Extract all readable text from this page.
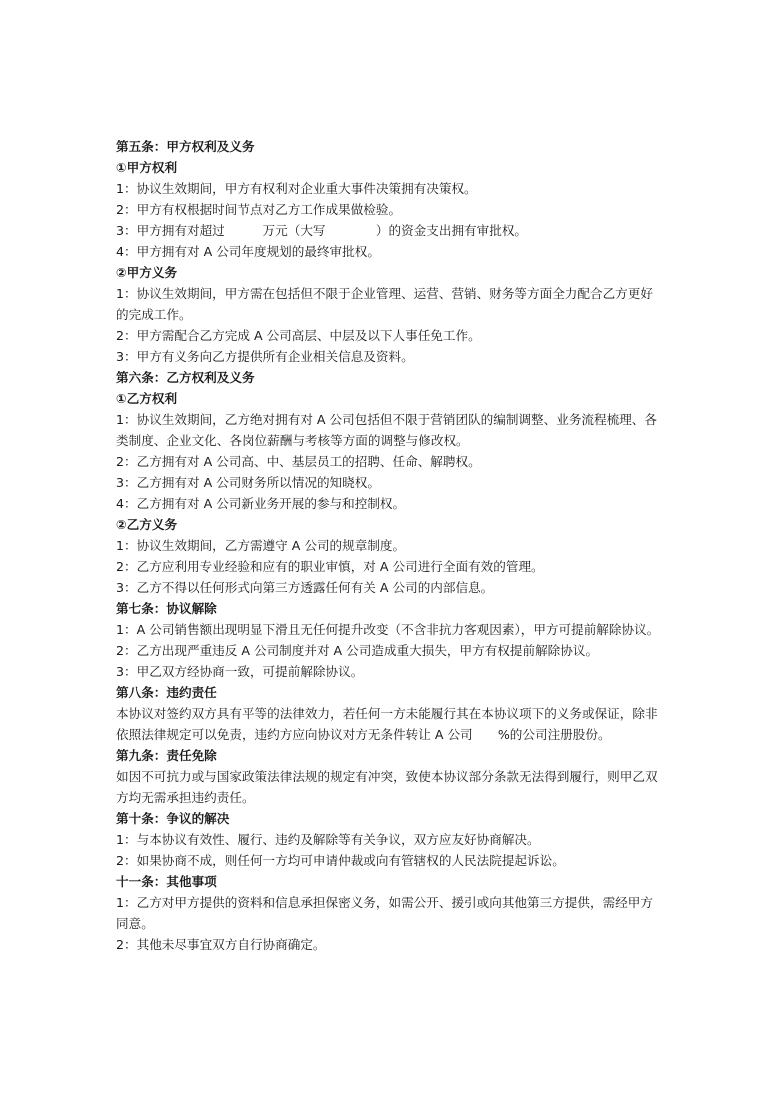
第五条：甲方权利及义务
①甲方权利

1：协议生效期间，甲方有权利对企业重大事件决策拥有决策权。

2：甲方有权根据时间节点对乙方工作成果做检验。

3：甲方拥有对超过　　　万元（大写　　　　）的资金支出拥有审批权。

4：甲方拥有对 A 公司年度规划的最终审批权。

②甲方义务

1：协议生效期间，甲方需在包括但不限于企业管理、运营、营销、财务等方面全力配合乙方更好的完成工作。

2：甲方需配合乙方完成 A 公司高层、中层及以下人事任免工作。

3：甲方有义务向乙方提供所有企业相关信息及资料。

第六条：乙方权利及义务
①乙方权利

1：协议生效期间，乙方绝对拥有对 A 公司包括但不限于营销团队的编制调整、业务流程梳理、各类制度、企业文化、各岗位薪酬与考核等方面的调整与修改权。

2：乙方拥有对 A 公司高、中、基层员工的招聘、任命、解聘权。

3：乙方拥有对 A 公司财务所以情况的知晓权。

4：乙方拥有对 A 公司新业务开展的参与和控制权。

②乙方义务

1：协议生效期间，乙方需遵守 A 公司的规章制度。

2：乙方应利用专业经验和应有的职业审慎，对 A 公司进行全面有效的管理。

3：乙方不得以任何形式向第三方透露任何有关 A 公司的内部信息。

第七条：协议解除

1：A 公司销售额出现明显下滑且无任何提升改变（不含非抗力客观因素），甲方可提前解除协议。

2：乙方出现严重违反 A 公司制度并对 A 公司造成重大损失，甲方有权提前解除协议。

3：甲乙双方经协商一致，可提前解除协议。

第八条：违约责任

本协议对签约双方具有平等的法律效力，若任何一方未能履行其在本协议项下的义务或保证，除非依照法律规定可以免责，违约方应向协议对方无条件转让 A 公司　　%的公司注册股份。

第九条：责任免除

如因不可抗力或与国家政策法律法规的规定有冲突，致使本协议部分条款无法得到履行，则甲乙双方均无需承担违约责任。

第十条：争议的解决

1：与本协议有效性、履行、违约及解除等有关争议，双方应友好协商解决。

2：如果协商不成，则任何一方均可申请仲裁或向有管辖权的人民法院提起诉讼。

十一条：其他事项

1：乙方对甲方提供的资料和信息承担保密义务，如需公开、援引或向其他第三方提供，需经甲方同意。

2：其他未尽事宜双方自行协商确定。
